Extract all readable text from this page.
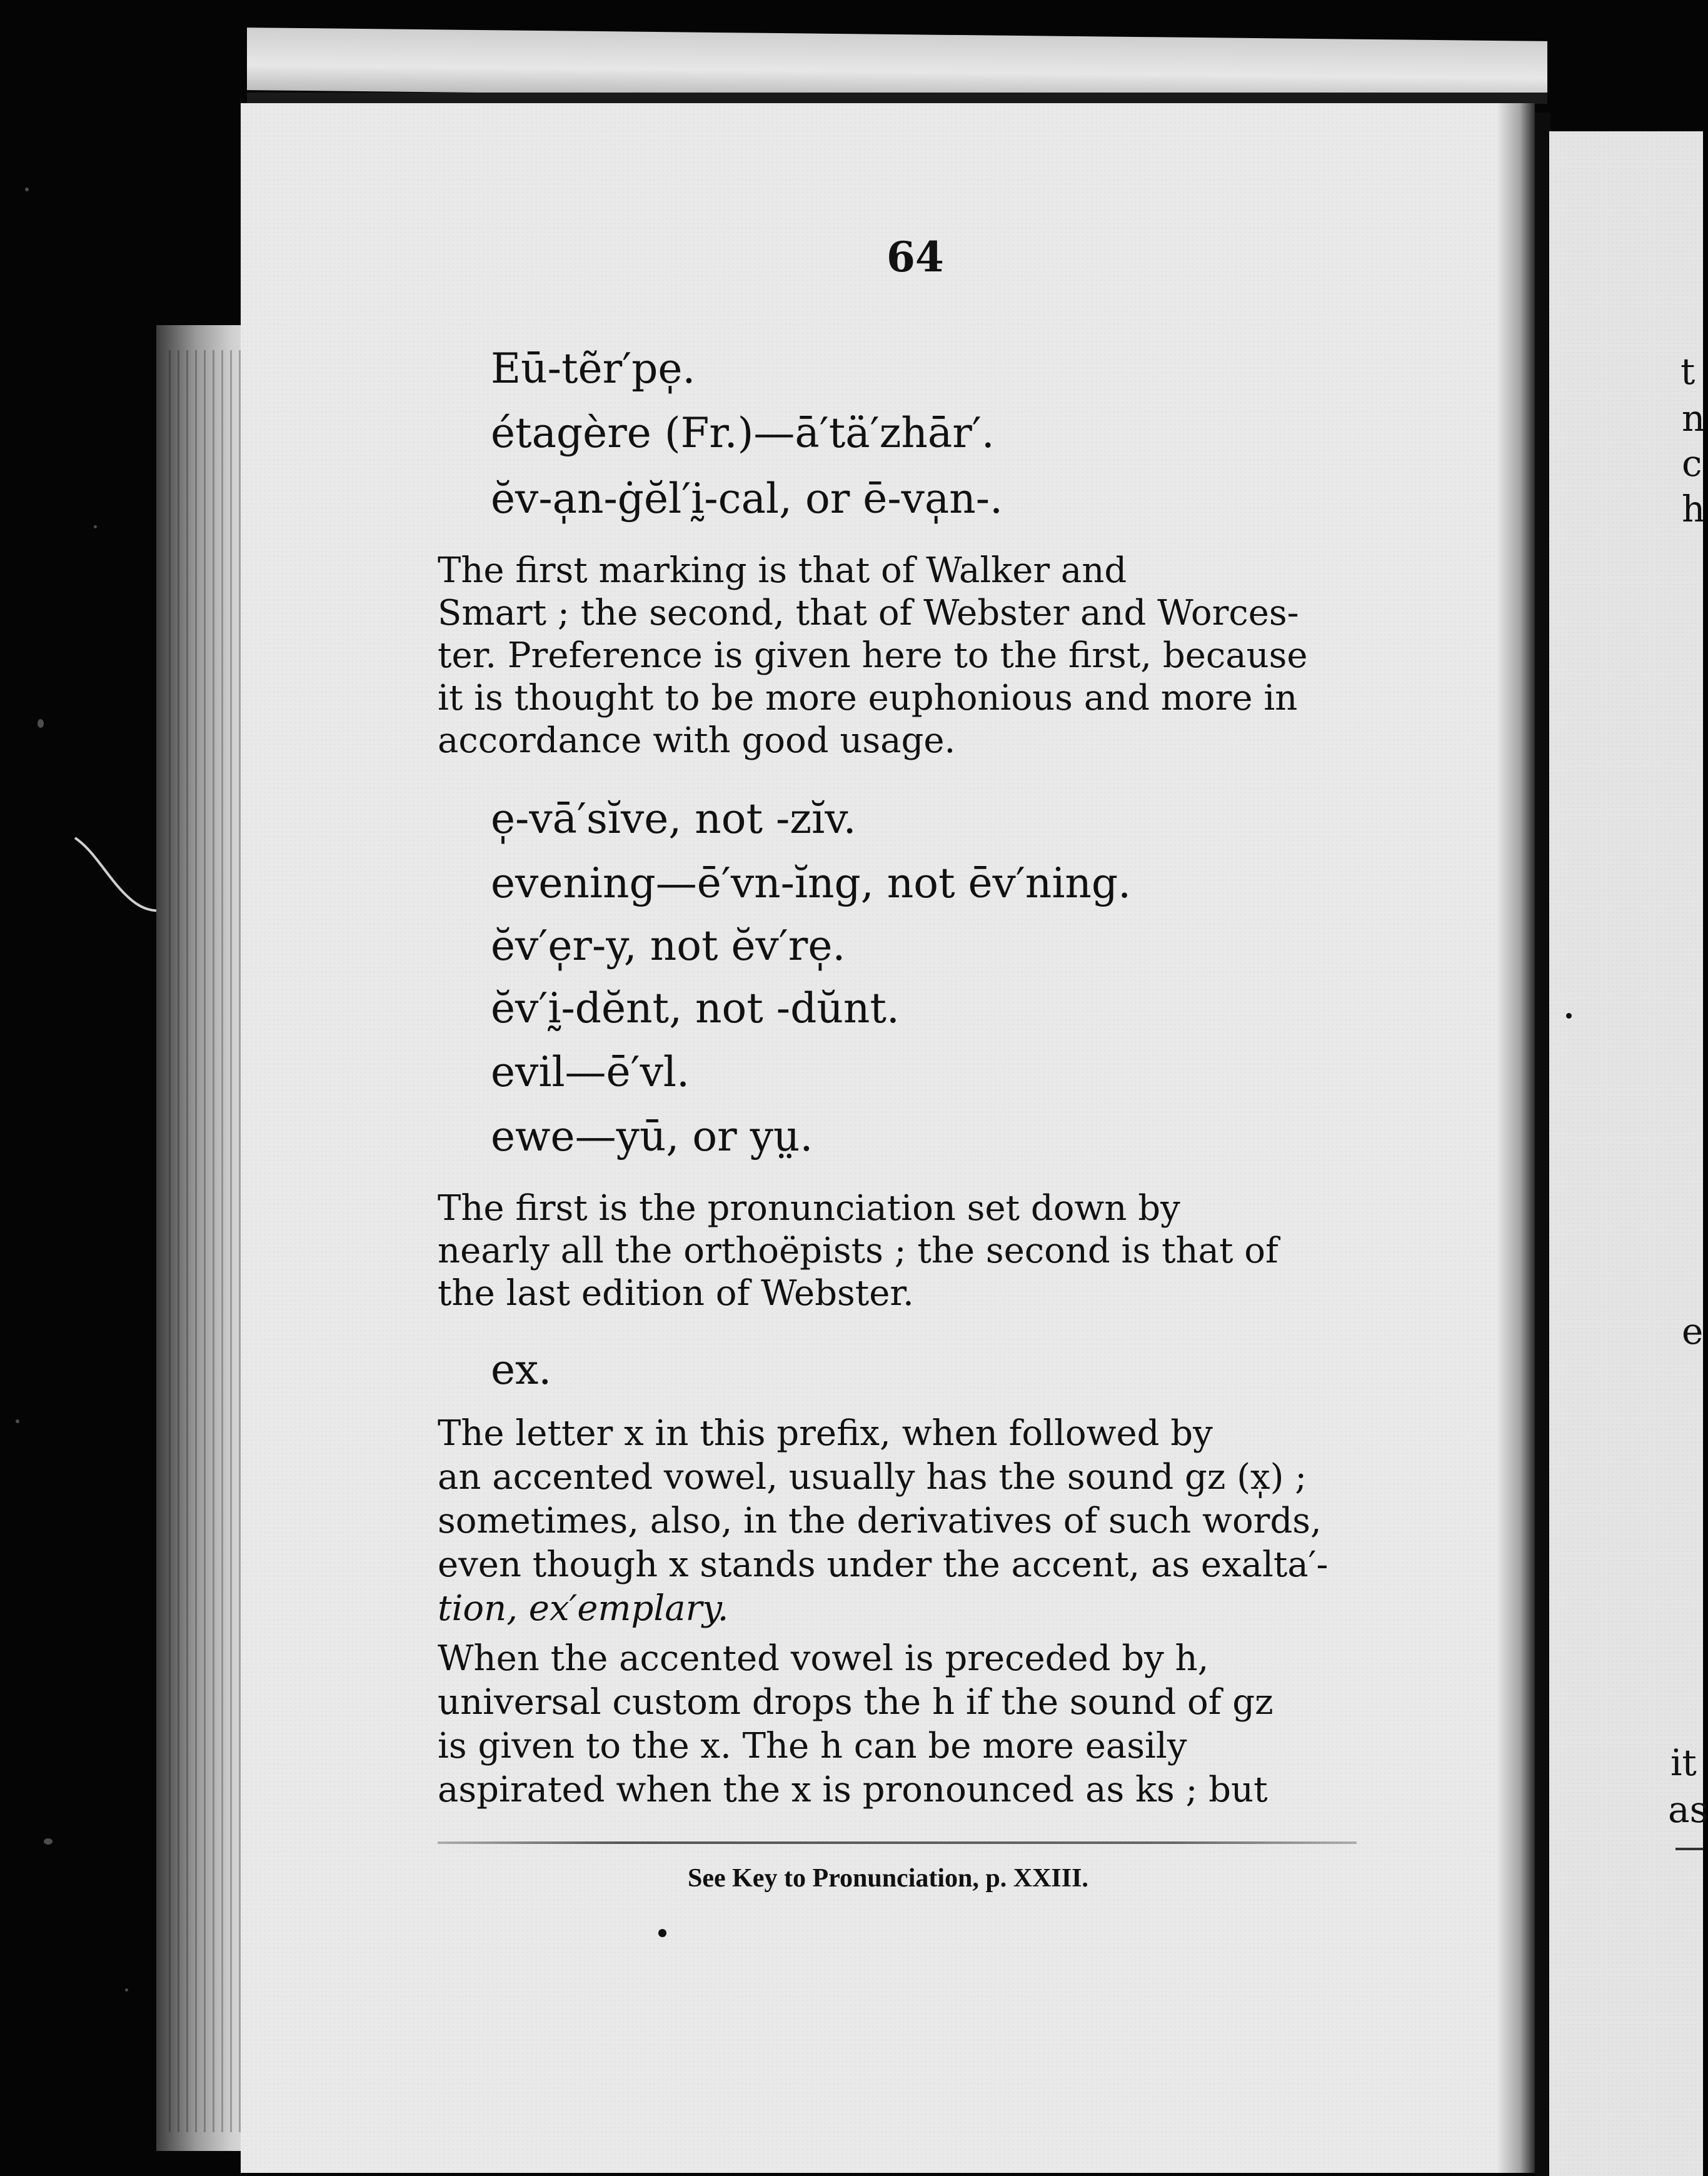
t
n
c
h
e
it
as
64
Eū-tẽr′pe̩.
étagère (Fr.)—ā′tä′zhār′.
ĕv-a̩n-ġĕl′ḭ-cal, or ē-va̩n-.
The first marking is that of Walker and
Smart ; the second, that of Webster and Worces-
ter. Preference is given here to the first, because
it is thought to be more euphonious and more in
accordance with good usage.
e̩-vā′sĭve, not -zĭv.
evening—ē′vn-ĭng, not ēv′ning.
ĕv′e̩r-y, not ĕv′re̩.
ĕv′ḭ-dĕnt, not -dŭnt.
evil—ē′vl.
ewe—yū, or yṳ.
The first is the pronunciation set down by
nearly all the orthoëpists ; the second is that of
the last edition of Webster.
ex.
The letter x in this prefix, when followed by
an accented vowel, usually has the sound gz (x̩) ;
sometimes, also, in the derivatives of such words,
even though x stands under the accent, as exalta′-
tion, ex′emplary.
When the accented vowel is preceded by h,
universal custom drops the h if the sound of gz
is given to the x. The h can be more easily
aspirated when the x is pronounced as ks ; but
See Key to Pronunciation, p. XXIII.
